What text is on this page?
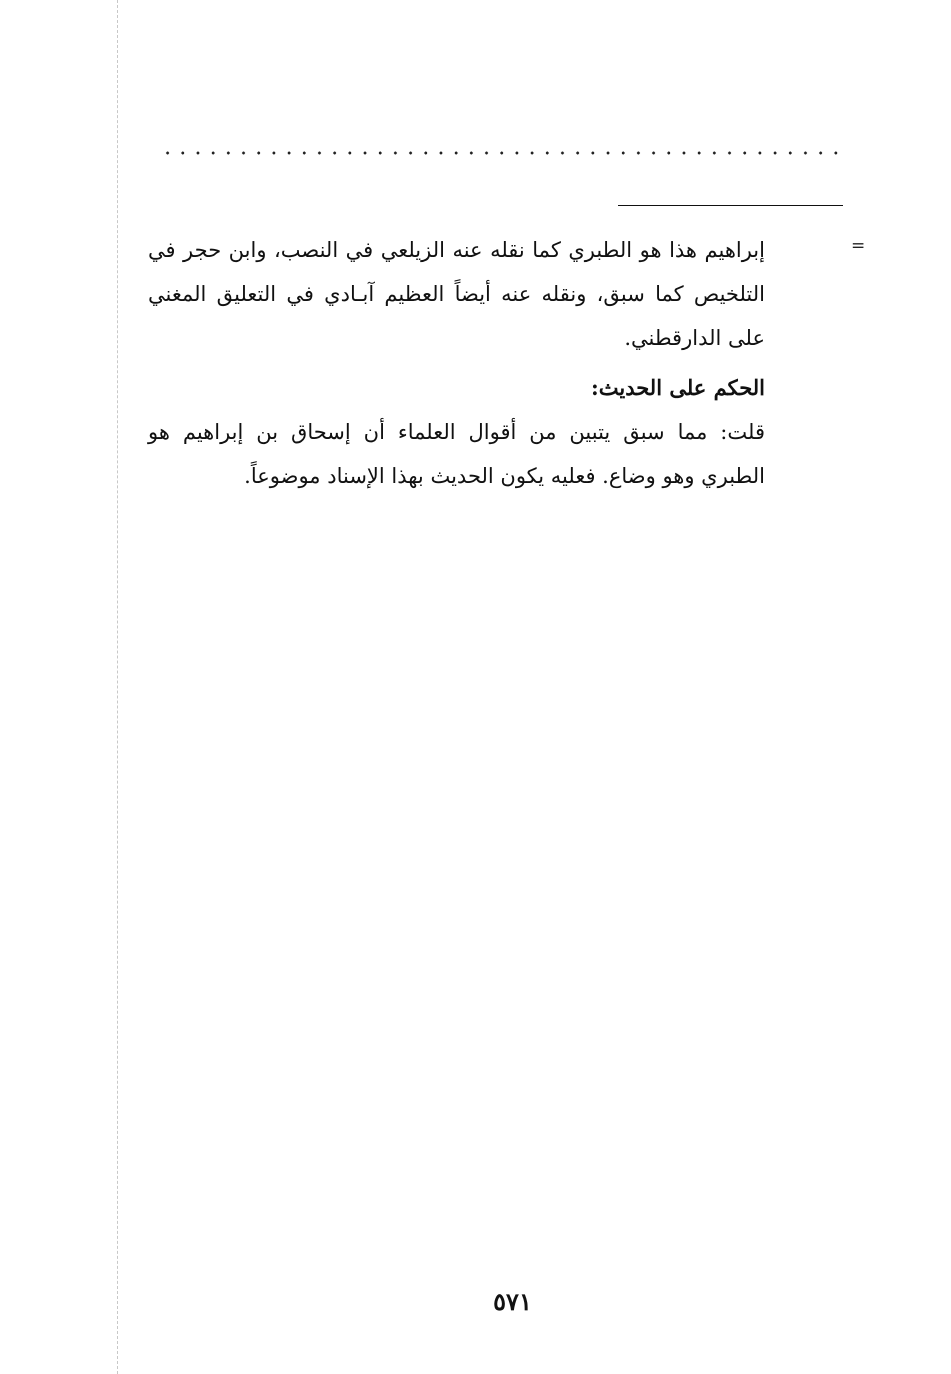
=

إبراهيم هذا هو الطبري كما نقله عنه الزيلعي في النصب، وابن حجر في التلخيص كما سبق، ونقله عنه أيضاً العظيم آبـادي في التعليق المغني على الدارقطني.

الحكم على الحديث:

قلت: مما سبق يتبين من أقوال العلماء أن إسحاق بن إبراهيم هو الطبري وهو وضاع. فعليه يكون الحديث بهذا الإسناد موضوعاً.

٥٧١
